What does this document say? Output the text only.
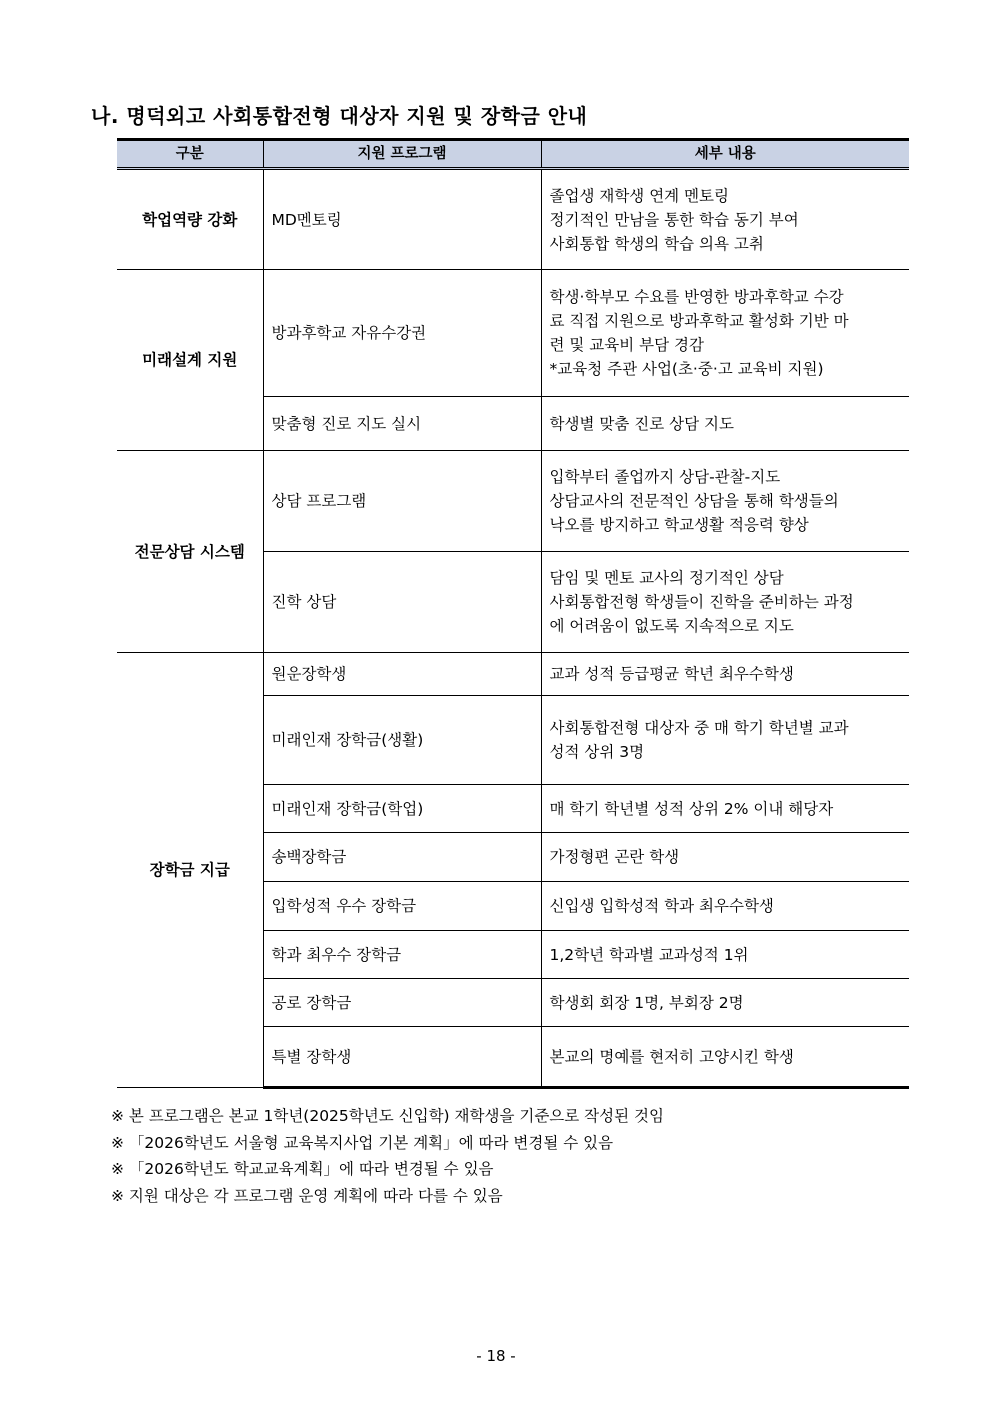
나. 명덕외고 사회통합전형 대상자 지원 및 장학금 안내
구분	지원 프로그램	세부 내용
학업역량 강화	MD멘토링	졸업생 재학생 연계 멘토링
정기적인 만남을 통한 학습 동기 부여
사회통합 학생의 학습 의욕 고취

미래설계 지원	방과후학교 자유수강권	학생·학부모 수요를 반영한 방과후학교 수강
료 직접 지원으로 방과후학교 활성화 기반 마
련 및 교육비 부담 경감
*교육청 주관 사업(초·중·고 교육비 지원)

	맞춤형 진로 지도 실시	학생별 맞춤 진로 상담 지도

전문상담 시스템	상담 프로그램	입학부터 졸업까지 상담-관찰-지도
상담교사의 전문적인 상담을 통해 학생들의
낙오를 방지하고 학교생활 적응력 향상

	진학 상담	담임 및 멘토 교사의 정기적인 상담
사회통합전형 학생들이 진학을 준비하는 과정
에 어려움이 없도록 지속적으로 지도

장학금 지급	원운장학생	교과 성적 등급평균 학년 최우수학생

	미래인재 장학금(생활)	사회통합전형 대상자 중 매 학기 학년별 교과
성적 상위 3명

	미래인재 장학금(학업)	매 학기 학년별 성적 상위 2% 이내 해당자

	송백장학금	가정형편 곤란 학생

	입학성적 우수 장학금	신입생 입학성적 학과 최우수학생

	학과 최우수 장학금	1,2학년 학과별 교과성적 1위

	공로 장학금	학생회 회장 1명, 부회장 2명

	특별 장학생	본교의 명예를 현저히 고양시킨 학생
※ 본 프로그램은 본교 1학년(2025학년도 신입학) 재학생을 기준으로 작성된 것임
※ 「2026학년도 서울형 교육복지사업 기본 계획」에 따라 변경될 수 있음
※ 「2026학년도 학교교육계획」에 따라 변경될 수 있음
※ 지원 대상은 각 프로그램 운영 계획에 따라 다를 수 있음
- 18 -
